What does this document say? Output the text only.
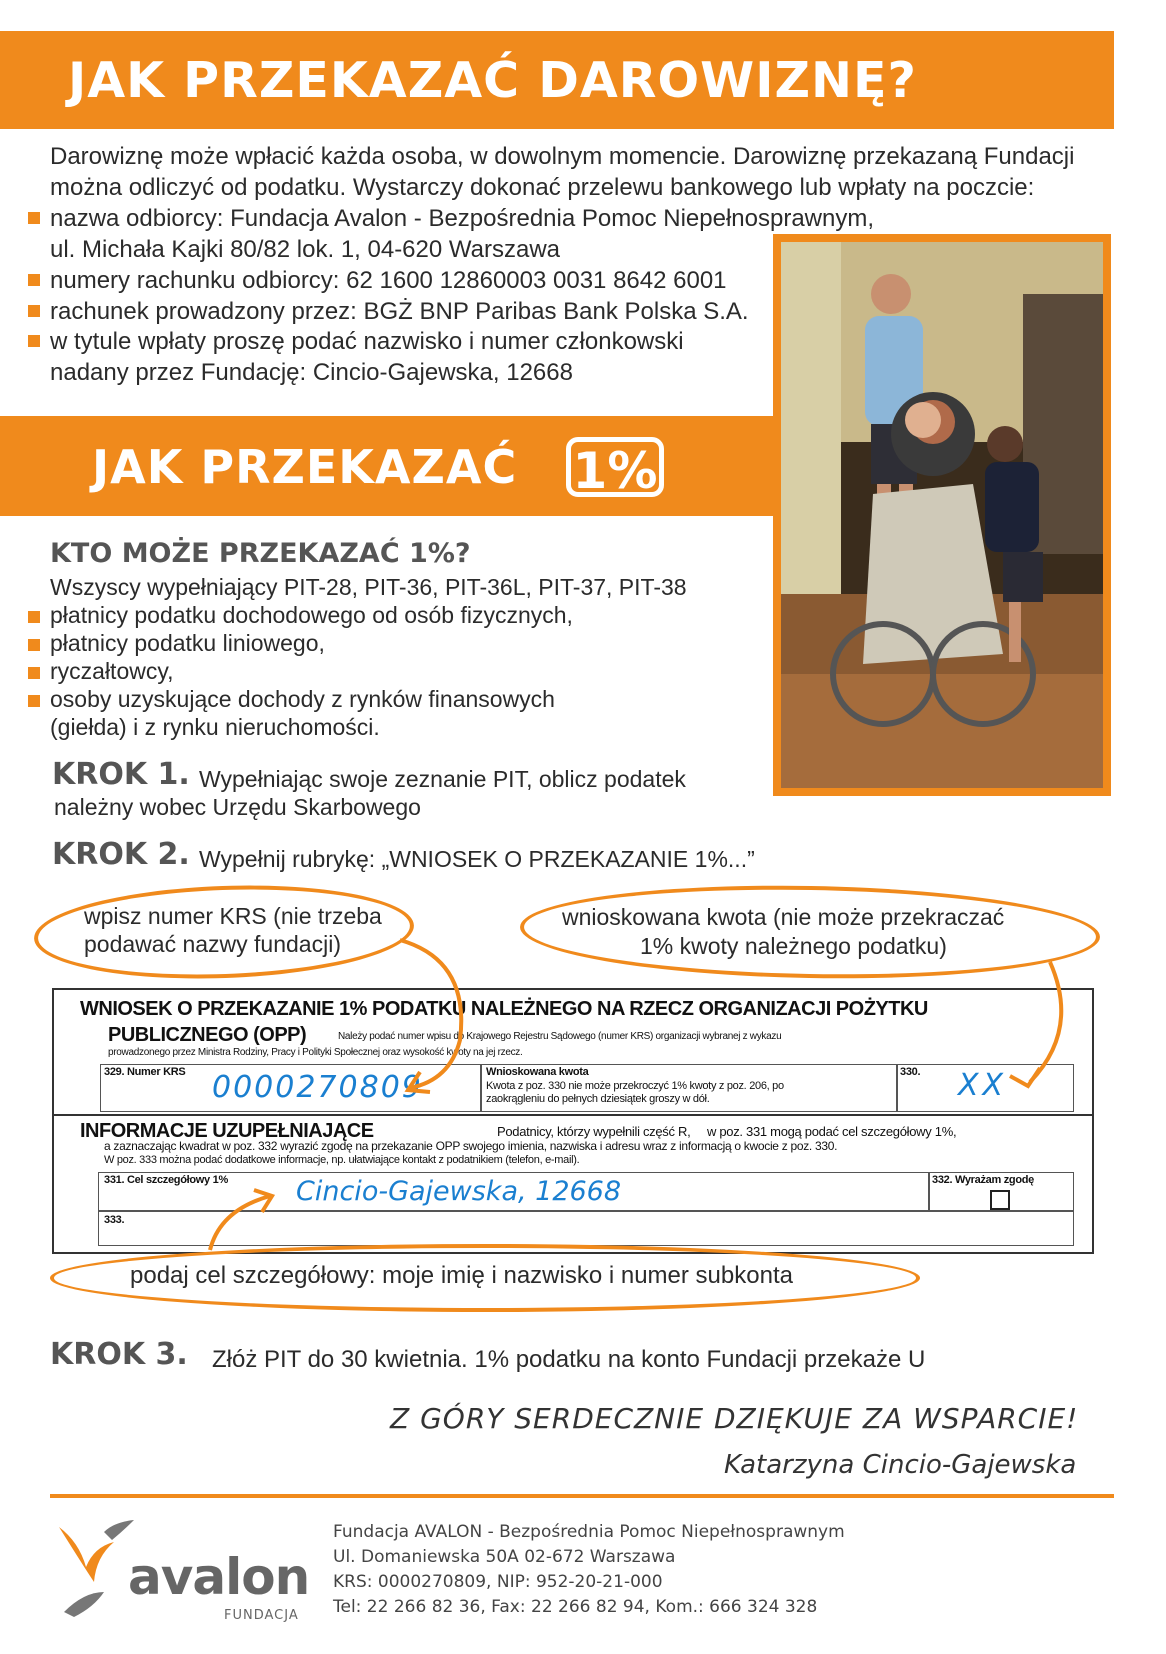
JAK PRZEKAZAĆ DAROWIZNĘ?
Darowiznę może wpłacić każda osoba, w dowolnym momencie. Darowiznę przekazaną Fundacji
można odliczyć od podatku. Wystarczy dokonać przelewu bankowego lub wpłaty na poczcie:
nazwa odbiorcy: Fundacja Avalon - Bezpośrednia Pomoc Niepełnosprawnym,
ul. Michała Kajki 80/82 lok. 1, 04-620 Warszawa
numery rachunku odbiorcy: 62 1600 12860003 0031 8642 6001
rachunek prowadzony przez: BGŻ BNP Paribas Bank Polska S.A.
w tytule wpłaty proszę podać nazwisko i numer członkowski
nadany przez Fundację: Cincio-Gajewska, 12668
JAK PRZEKAZAĆ 1%
KTO MOŻE PRZEKAZAĆ 1%?
Wszyscy wypełniający PIT-28, PIT-36, PIT-36L, PIT-37, PIT-38
płatnicy podatku dochodowego od osób fizycznych,
płatnicy podatku liniowego,
ryczałtowcy,
osoby uzyskujące dochody z rynków finansowych
(giełda) i z rynku nieruchomości.
KROK 1. Wypełniając swoje zeznanie PIT, oblicz podatek
należny wobec Urzędu Skarbowego
KROK 2. Wypełnij rubrykę: „WNIOSEK O PRZEKAZANIE 1%...”
wpisz numer KRS (nie trzeba
podawać nazwy fundacji)
wnioskowana kwota (nie może przekraczać
1% kwoty należnego podatku)
WNIOSEK O PRZEKAZANIE 1% PODATKU NALEŻNEGO NA RZECZ ORGANIZACJI POŻYTKU
PUBLICZNEGO (OPP)	Należy podać numer wpisu do Krajowego Rejestru Sądowego (numer KRS) organizacji wybranej z wykazu
prowadzonego przez Ministra Rodziny, Pracy i Polityki Społecznej oraz wysokość kwoty na jej rzecz.
329. Numer KRS 0000270809	Wnioskowana kwota
Kwota z poz. 330 nie może przekroczyć 1% kwoty z poz. 206, po
zaokrągleniu do pełnych dziesiątek groszy w dół.
330. XX
INFORMACJE UZUPEŁNIAJĄCE	Podatnicy, którzy wypełnili część R,     w poz. 331 mogą podać cel szczegółowy 1%,
a zaznaczając kwadrat w poz. 332 wyrazić zgodę na przekazanie OPP swojego imienia, nazwiska i adresu wraz z informacją o kwocie z poz. 330.
W poz. 333 można podać dodatkowe informacje, np. ułatwiające kontakt z podatnikiem (telefon, e-mail).
331. Cel szczegółowy 1%	Cincio-Gajewska, 12668	332. Wyrażam zgodę
333.
podaj cel szczegółowy: moje imię i nazwisko i numer subkonta
KROK 3. Złóż PIT do 30 kwietnia. 1% podatku na konto Fundacji przekaże U
Z GÓRY SERDECZNIE DZIĘKUJE ZA WSPARCIE!
Katarzyna Cincio-Gajewska
avalon
FUNDACJA
Fundacja AVALON - Bezpośrednia Pomoc Niepełnosprawnym
Ul. Domaniewska 50A 02-672 Warszawa
KRS: 0000270809, NIP: 952-20-21-000
Tel: 22 266 82 36, Fax: 22 266 82 94, Kom.: 666 324 328
